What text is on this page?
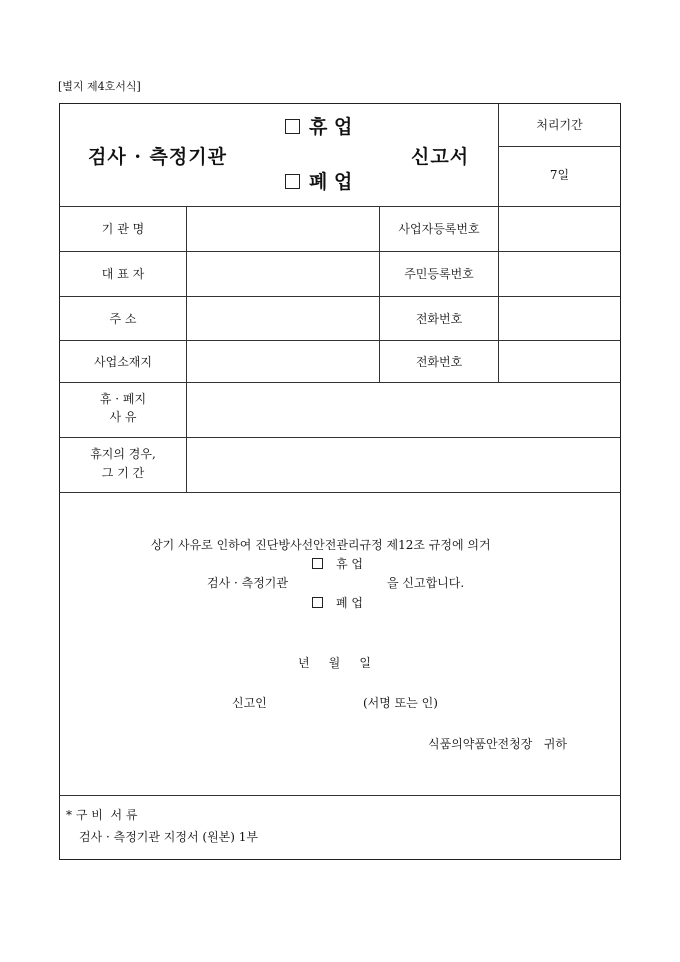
[별지 제4호서식]
검사 · 측정기관
휴 업
폐 업
신고서
처리기간
7일
기 관 명	사업자등록번호
대 표 자	주민등록번호
주 소	전화번호
사업소재지	전화번호
휴 · 폐지
사 유
휴지의 경우,
그 기 간
상기 사유로 인하여 진단방사선안전관리규정 제12조 규정에 의거
휴 업
검사 · 측정기관	을 신고합니다.
폐 업
년     월     일
신고인	(서명 또는 인)
식품의약품안전청장   귀하
* 구 비  서 류
검사 · 측정기관 지정서 (원본) 1부
